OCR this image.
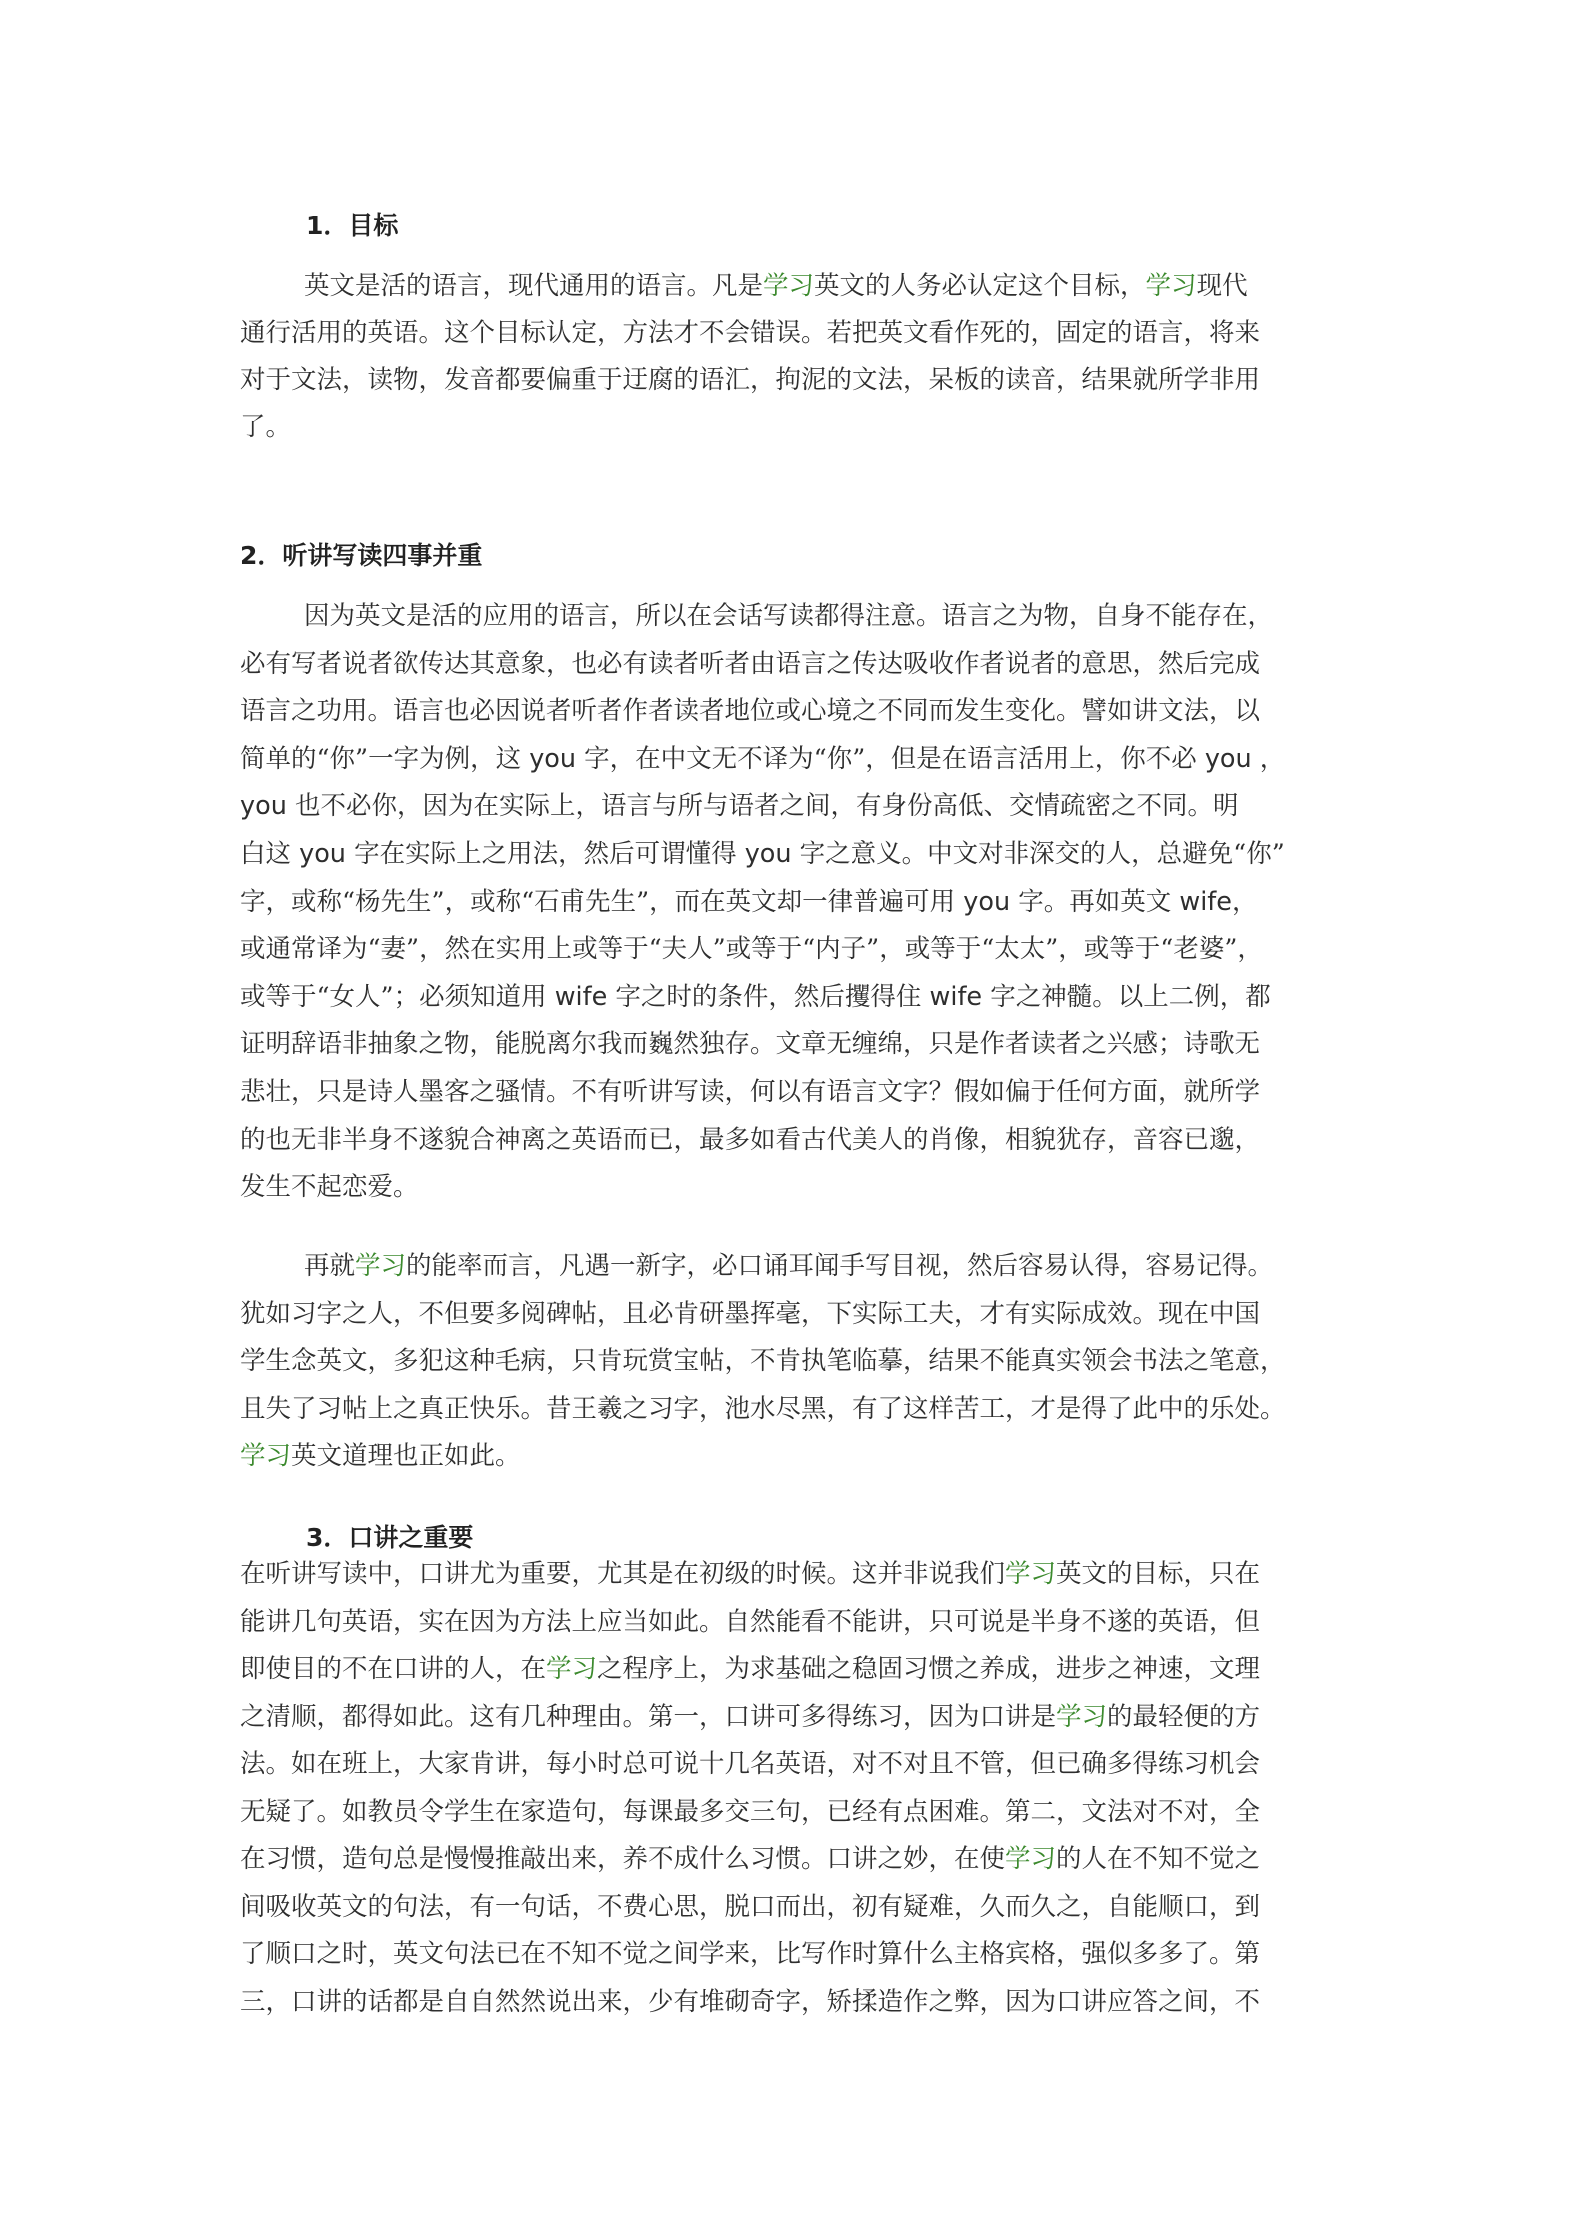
1．目标
英文是活的语言，现代通用的语言。凡是学习英文的人务必认定这个目标，学习现代
通行活用的英语。这个目标认定，方法才不会错误。若把英文看作死的，固定的语言，将来
对于文法，读物，发音都要偏重于迂腐的语汇，拘泥的文法，呆板的读音，结果就所学非用
了。
2．听讲写读四事并重
因为英文是活的应用的语言，所以在会话写读都得注意。语言之为物，自身不能存在，
必有写者说者欲传达其意象，也必有读者听者由语言之传达吸收作者说者的意思，然后完成
语言之功用。语言也必因说者听者作者读者地位或心境之不同而发生变化。譬如讲文法，以
简单的“你”一字为例，这 you 字，在中文无不译为“你”，但是在语言活用上，你不必 you ，
you 也不必你，因为在实际上，语言与所与语者之间，有身份高低、交情疏密之不同。明
白这 you 字在实际上之用法，然后可谓懂得 you 字之意义。中文对非深交的人，总避免“你”
字，或称“杨先生”，或称“石甫先生”，而在英文却一律普遍可用 you 字。再如英文 wife，
或通常译为“妻”，然在实用上或等于“夫人”或等于“内子”，或等于“太太”，或等于“老婆”，
或等于“女人”；必须知道用 wife 字之时的条件，然后攫得住 wife 字之神髓。以上二例，都
证明辞语非抽象之物，能脱离尔我而巍然独存。文章无缠绵，只是作者读者之兴感；诗歌无
悲壮，只是诗人墨客之骚情。不有听讲写读，何以有语言文字？假如偏于任何方面，就所学
的也无非半身不遂貌合神离之英语而已，最多如看古代美人的肖像，相貌犹存，音容已邈，
发生不起恋爱。
再就学习的能率而言，凡遇一新字，必口诵耳闻手写目视，然后容易认得，容易记得。
犹如习字之人，不但要多阅碑帖，且必肯研墨挥毫，下实际工夫，才有实际成效。现在中国
学生念英文，多犯这种毛病，只肯玩赏宝帖，不肯执笔临摹，结果不能真实领会书法之笔意，
且失了习帖上之真正快乐。昔王羲之习字，池水尽黑，有了这样苦工，才是得了此中的乐处。
学习英文道理也正如此。
3．口讲之重要
在听讲写读中，口讲尤为重要，尤其是在初级的时候。这并非说我们学习英文的目标，只在
能讲几句英语，实在因为方法上应当如此。自然能看不能讲，只可说是半身不遂的英语，但
即使目的不在口讲的人，在学习之程序上，为求基础之稳固习惯之养成，进步之神速，文理
之清顺，都得如此。这有几种理由。第一，口讲可多得练习，因为口讲是学习的最轻便的方
法。如在班上，大家肯讲，每小时总可说十几名英语，对不对且不管，但已确多得练习机会
无疑了。如教员令学生在家造句，每课最多交三句，已经有点困难。第二，文法对不对，全
在习惯，造句总是慢慢推敲出来，养不成什么习惯。口讲之妙，在使学习的人在不知不觉之
间吸收英文的句法，有一句话，不费心思，脱口而出，初有疑难，久而久之，自能顺口，到
了顺口之时，英文句法已在不知不觉之间学来，比写作时算什么主格宾格，强似多多了。第
三，口讲的话都是自自然然说出来，少有堆砌奇字，矫揉造作之弊，因为口讲应答之间，不
